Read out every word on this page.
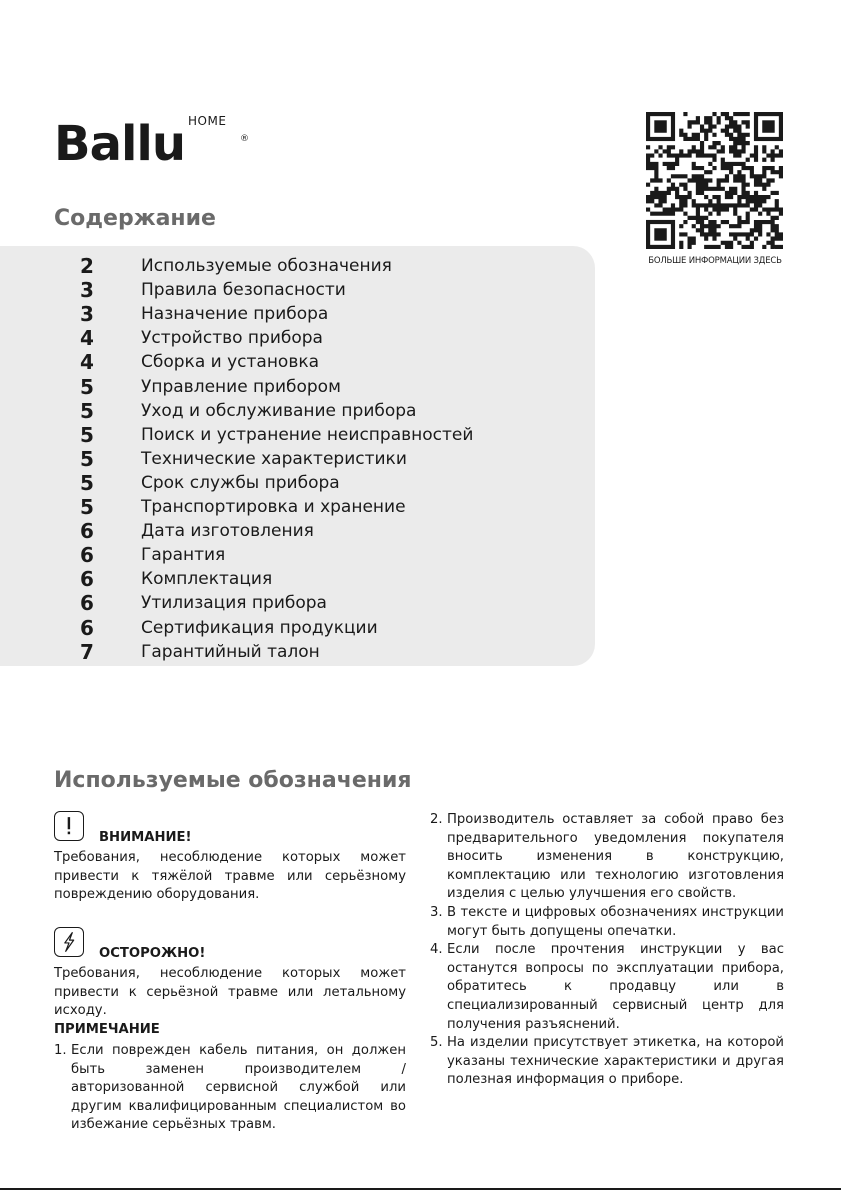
Ballu HOME
®
БОЛЬШЕ ИНФОРМАЦИИ ЗДЕСЬ
Содержание
2	Используемые обозначения
3	Правила безопасности
3	Назначение прибора
4	Устройство прибора
4	Сборка и установка
5	Управление прибором
5	Уход и обслуживание прибора
5	Поиск и устранение неисправностей
5	Технические характеристики
5	Срок службы прибора
5	Транспортировка и хранение
6	Дата изготовления
6	Гарантия
6	Комплектация
6	Утилизация прибора
6	Сертификация продукции
7	Гарантийный талон
Используемые обозначения
ВНИМАНИЕ!
Требования, несоблюдение которых может привести к тяжёлой травме или серьёзному повреждению оборудования.
ОСТОРОЖНО!
Требования, несоблюдение которых может привести к серьёзной травме или летальному исходу.
ПРИМЕЧАНИЕ
1. Если поврежден кабель питания, он должен быть заменен производителем / авторизованной сервисной службой или другим квалифицированным специалистом во избежание серьёзных травм.
2. Производитель оставляет за собой право без предварительного уведомления покупателя вносить изменения в конструкцию, комплектацию или технологию изготовления изделия с целью улучшения его свойств.
3. В тексте и цифровых обозначениях инструкции могут быть допущены опечатки.
4. Если после прочтения инструкции у вас останутся вопросы по эксплуатации прибора, обратитесь к продавцу или в специализированный сервисный центр для получения разъяснений.
5. На изделии присутствует этикетка, на которой указаны технические характеристики и другая полезная информация о приборе.
